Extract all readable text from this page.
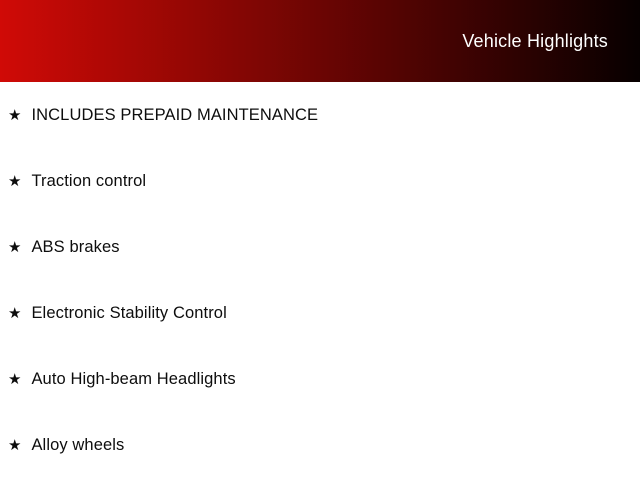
Vehicle Highlights
★ INCLUDES PREPAID MAINTENANCE
★ Traction control
★ ABS brakes
★ Electronic Stability Control
★ Auto High-beam Headlights
★ Alloy wheels
